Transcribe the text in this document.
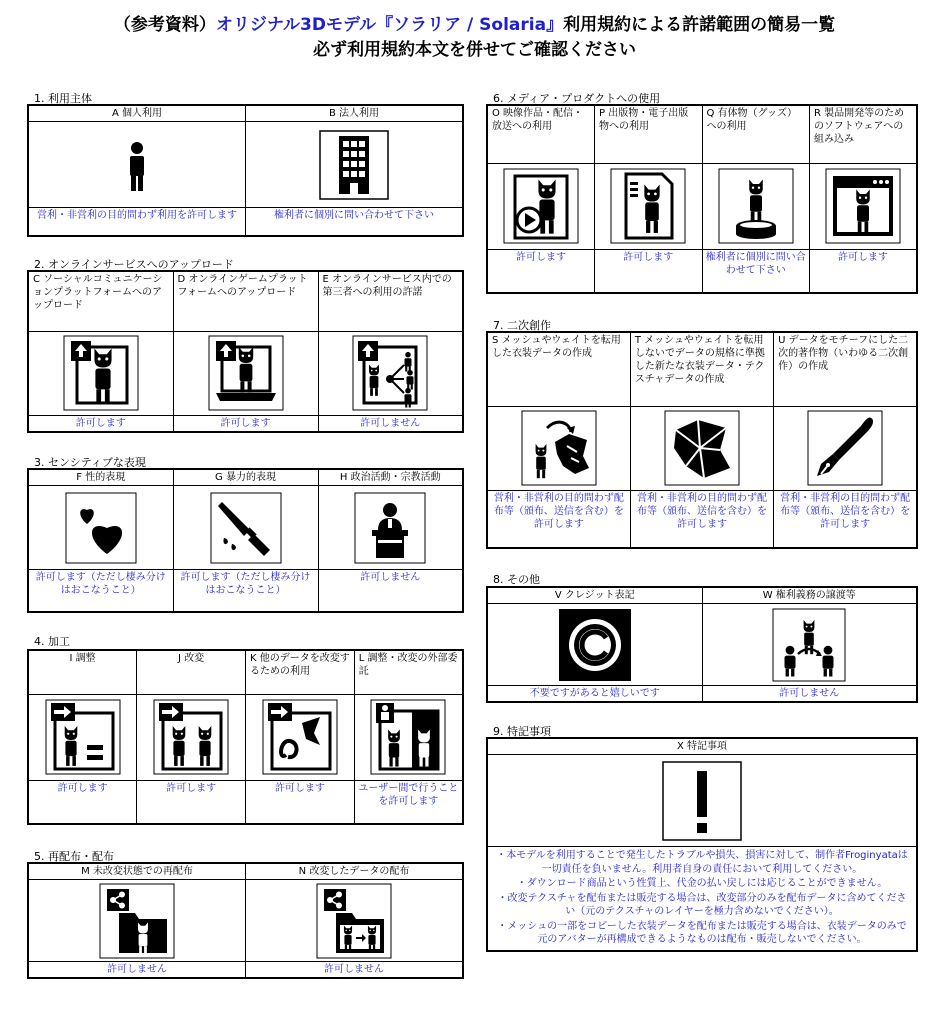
（参考資料）オリジナル3Dモデル『ソラリア / Solaria』利用規約による許諾範囲の簡易一覧
必ず利用規約本文を併せてご確認ください
1. 利用主体
A 個人利用	B 法人利用

営利・非営利の目的問わず利用を許可します	権利者に個別に問い合わせて下さい
2. オンラインサービスへのアップロード
C ソーシャルコミュニケーションプラットフォームへのアップロード	D オンラインゲームプラットフォームへのアップロード	E オンラインサービス内での第三者への利用の許諾

許可します	許可します	許可しません
3. センシティブな表現
F 性的表現	G 暴力的表現	H 政治活動・宗教活動

許可します（ただし棲み分けはおこなうこと）	許可します（ただし棲み分けはおこなうこと）	許可しません
4. 加工
I 調整	J 改変	K 他のデータを改変するための利用	L 調整・改変の外部委託

許可します	許可します	許可します	ユーザー間で行うことを許可します
5. 再配布・配布
M 未改変状態での再配布	N 改変したデータの配布

許可しません	許可しません
6. メディア・プロダクトへの使用
O 映像作品・配信・放送への利用	P 出版物・電子出版物への利用	Q 有体物（グッズ）への利用	R 製品開発等のためのソフトウェアへの組み込み

許可します	許可します	権利者に個別に問い合わせて下さい	許可します
7. 二次創作
S メッシュやウェイトを転用した衣装データの作成	T メッシュやウェイトを転用しないでデータの規格に準拠した新たな衣装データ・テクスチャデータの作成	U データをモチーフにした二次的著作物（いわゆる二次創作）の作成

営利・非営利の目的問わず配布等（頒布、送信を含む）を許可します	営利・非営利の目的問わず配布等（頒布、送信を含む）を許可します	営利・非営利の目的問わず配布等（頒布、送信を含む）を許可します
8. その他
V クレジット表記	W 権利義務の譲渡等

不要ですがあると嬉しいです	許可しません
9. 特記事項
X 特記事項

・本モデルを利用することで発生したトラブルや損失、損害に対して、制作者Froginyataは一切責任を負いません。利用者自身の責任において利用してください。

・ダウンロード商品という性質上、代金の払い戻しには応じることができません。

・改変テクスチャを配布または販売する場合は、改変部分のみを配布データに含めてください（元のテクスチャのレイヤーを極力含めないでください）。

・メッシュの一部をコピーした衣装データを配布または販売する場合は、衣装データのみで元のアバターが再構成できるようなものは配布・販売しないでください。
